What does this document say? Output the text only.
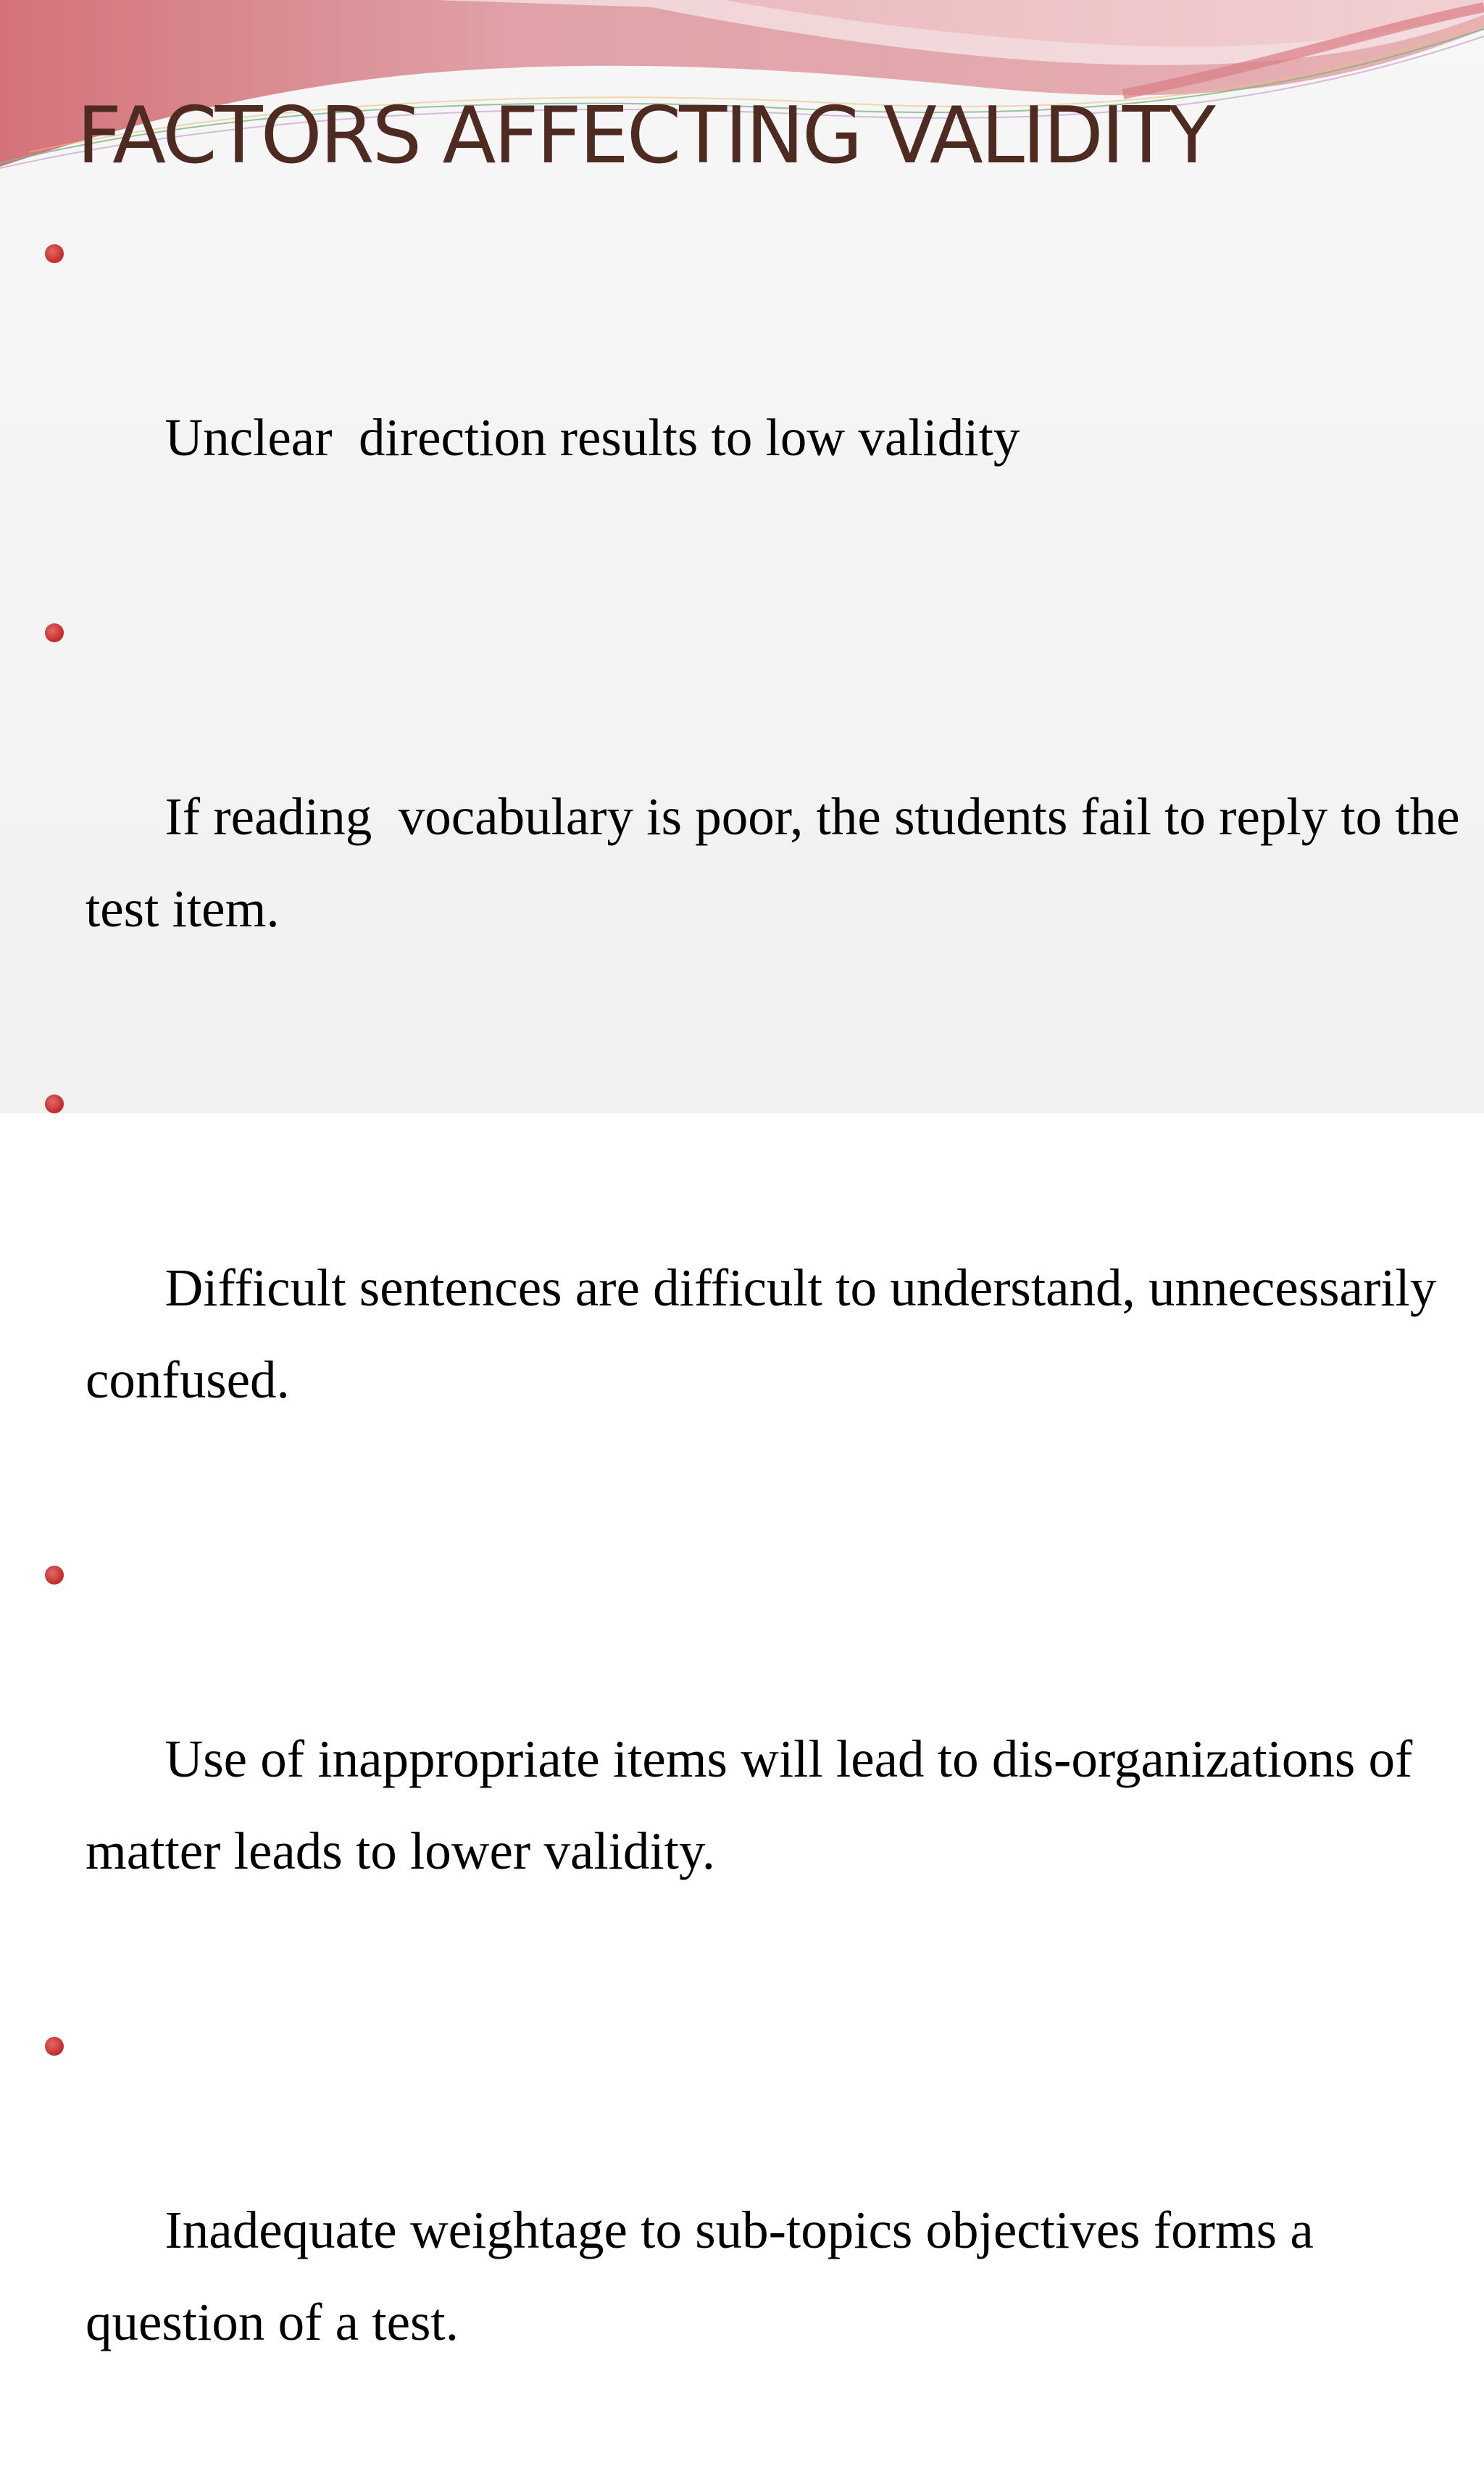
FACTORS AFFECTING VALIDITY

Unclear  direction results to low validity

If reading  vocabulary is poor, the students fail to reply to the test item.

Difficult sentences are difficult to understand, unnecessarily confused.

Use of inappropriate items will lead to dis-organizations of matter leads to lower validity.

Inadequate weightage to sub-topics objectives forms a question of a test.
